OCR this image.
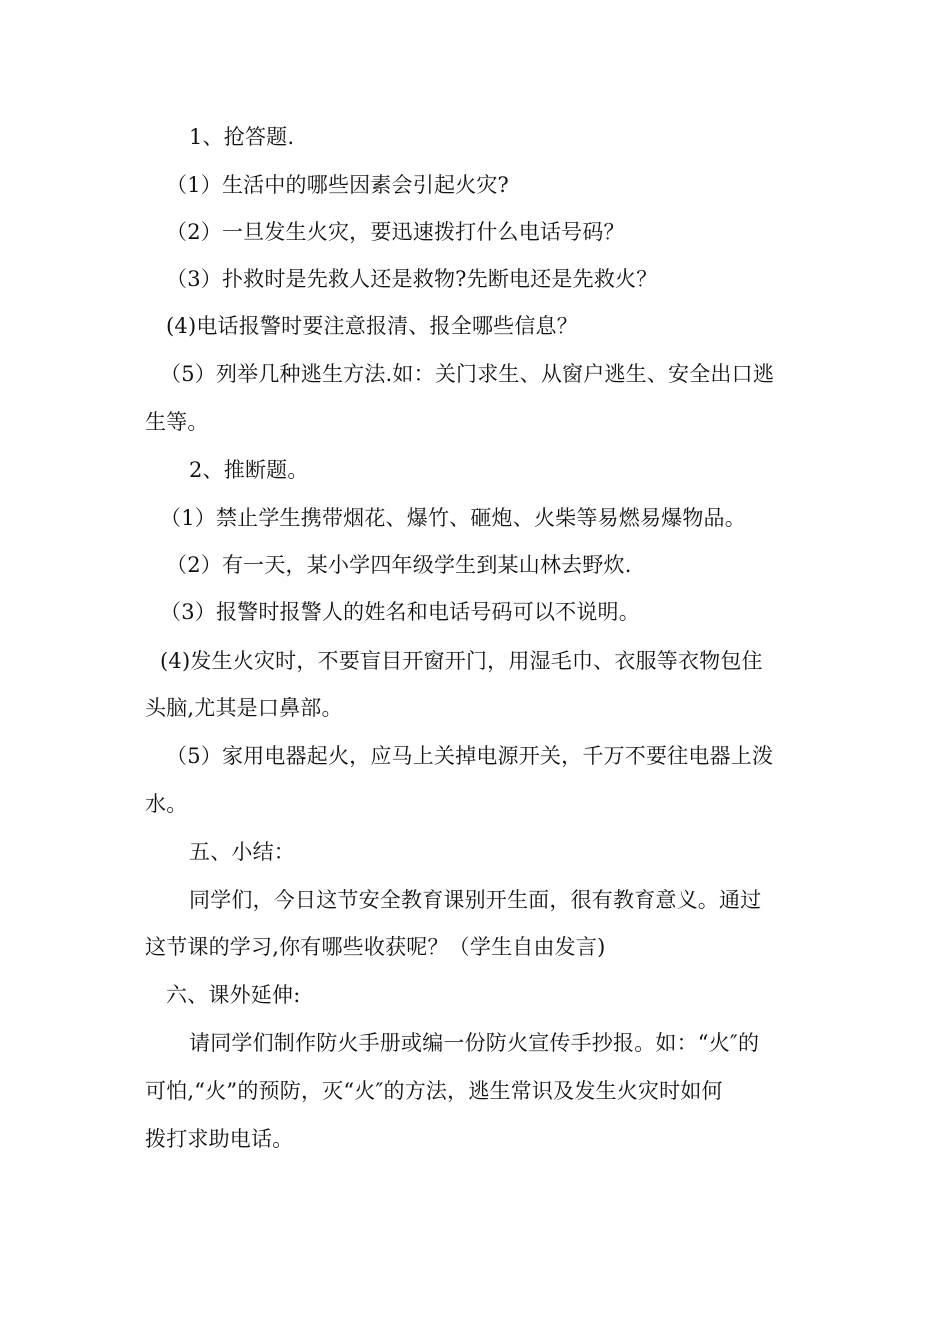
1、抢答题.
（1）生活中的哪些因素会引起火灾?
（2）一旦发生火灾，要迅速拨打什么电话号码？
（3）扑救时是先救人还是救物?先断电还是先救火？
(4)电话报警时要注意报清、报全哪些信息？
（5）列举几种逃生方法.如：关门求生、从窗户逃生、安全出口逃
生等。
2、推断题。
（1）禁止学生携带烟花、爆竹、砸炮、火柴等易燃易爆物品。
（2）有一天，某小学四年级学生到某山林去野炊.
（3）报警时报警人的姓名和电话号码可以不说明。
(4)发生火灾时，不要盲目开窗开门，用湿毛巾、衣服等衣物包住
头脑,尤其是口鼻部。
（5）家用电器起火，应马上关掉电源开关，千万不要往电器上泼
水。
五、小结：
同学们，今日这节安全教育课别开生面，很有教育意义。通过
这节课的学习,你有哪些收获呢？（学生自由发言)
六、课外延伸:
请同学们制作防火手册或编一份防火宣传手抄报。如：“火″的
可怕,“火”的预防，灭“火″的方法，逃生常识及发生火灾时如何
拨打求助电话。
